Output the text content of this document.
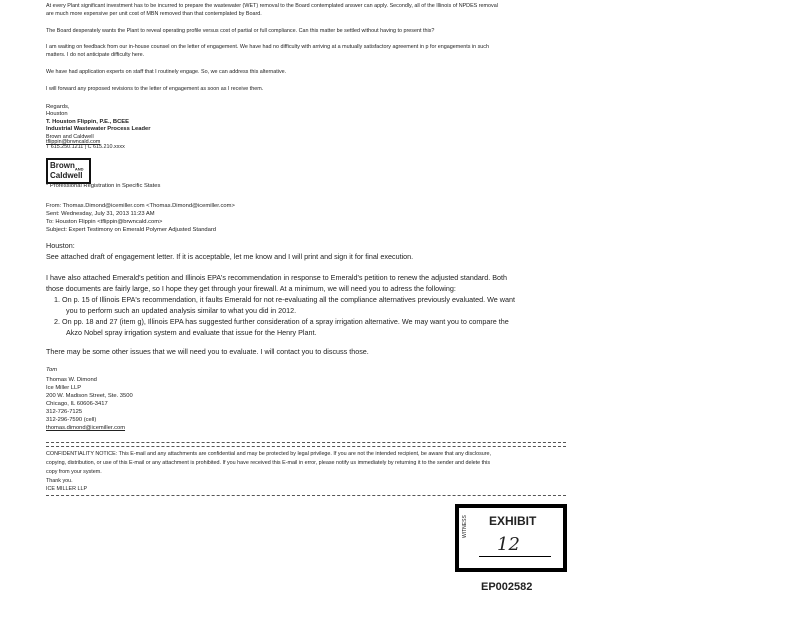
At every Plant significant investment has to be incurred to prepare the wastewater (WET) removal to the Board contemplated answer can apply. Secondly, all of the Illinois of NPDES removal
are much more expensive per unit cost of MBN removed than that contemplated by Board.
The Board desperately wants the Plant to reveal operating profile versus cost of partial or full compliance. Can this matter be settled without having to present this?
I am waiting on feedback from our in-house counsel on the letter of engagement. We have had no difficulty with arriving at a mutually satisfactory agreement in p for engagements in such
matters. I do not anticipate difficulty here.
We have had application experts on staff that I routinely engage. So, we can address this alternative.
I will forward any proposed revisions to the letter of engagement as soon as I receive them.
Regards,
Houston
T. Houston Flippin, P.E., BCEE
Industrial Wastewater Process Leader
Brown and Caldwell
tflippin@brwncald.com
T 615.250.1211 | C 615.210.xxxx
Brown$_{AND}$
Caldwell
* Professional Registration in Specific States
From: Thomas.Dimond@icemiller.com <Thomas.Dimond@icemiller.com>
Sent: Wednesday, July 31, 2013 11:23 AM
To: Houston Flippin <tflippin@brwncald.com>
Subject: Expert Testimony on Emerald Polymer Adjusted Standard
Houston:
See attached draft of engagement letter. If it is acceptable, let me know and I will print and sign it for final execution.
I have also attached Emerald's petition and Illinois EPA's recommendation in response to Emerald's petition to renew the adjusted standard. Both
those documents are fairly large, so I hope they get through your firewall. At a minimum, we will need you to adress the following:
1. On p. 15 of Illinois EPA's recommendation, it faults Emerald for not re-evaluating all the compliance alternatives previously evaluated. We want
you to perform such an updated analysis similar to what you did in 2012.
2. On pp. 18 and 27 (item g), Illinois EPA has suggested further consideration of a spray irrigation alternative. We may want you to compare the
Akzo Nobel spray irrigation system and evaluate that issue for the Henry Plant.
There may be some other issues that we will need you to evaluate. I will contact you to discuss those.
Tom
Thomas W. Dimond
Ice Miller LLP
200 W. Madison Street, Ste. 3500
Chicago, IL 60606-3417
312-726-7125
312-296-7590 (cell)
thomas.dimond@icemiller.com
CONFIDENTIALITY NOTICE: This E-mail and any attachments are confidential and may be protected by legal privilege. If you are not the intended recipient, be aware that any disclosure,
copying, distribution, or use of this E-mail or any attachment is prohibited. If you have received this E-mail in error, please notify us immediately by returning it to the sender and delete this
copy from your system.
Thank you.
ICE MILLER LLP
EXHIBIT
WITNESS
12
EP002582
